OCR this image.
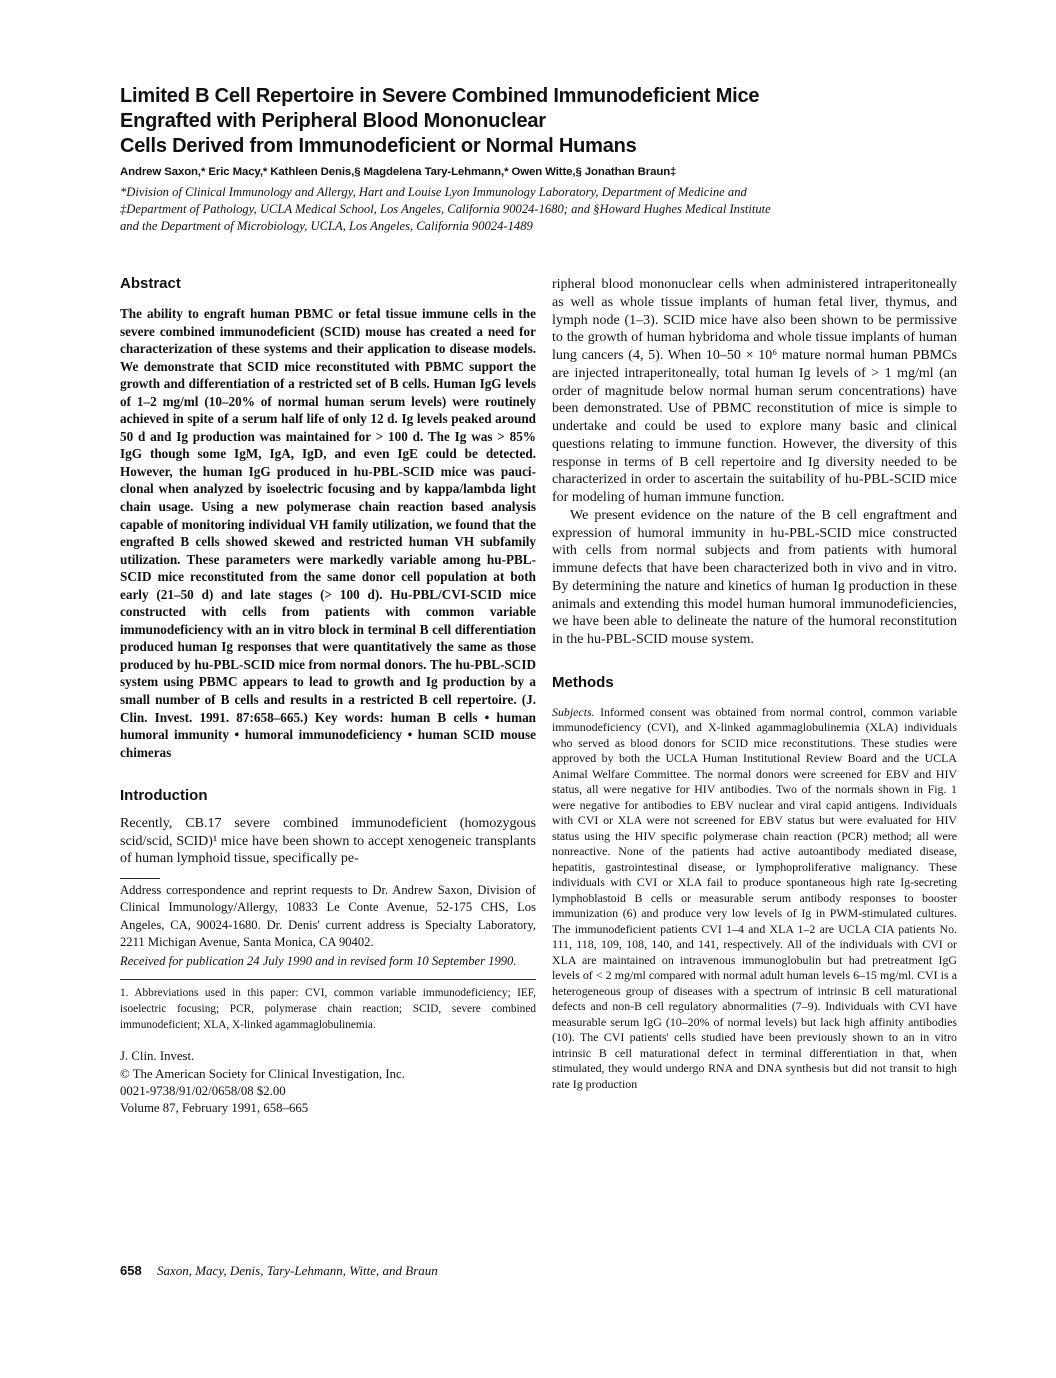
Limited B Cell Repertoire in Severe Combined Immunodeficient Mice
Engrafted with Peripheral Blood Mononuclear
Cells Derived from Immunodeficient or Normal Humans
Andrew Saxon,* Eric Macy,* Kathleen Denis,§ Magdelena Tary-Lehmann,* Owen Witte,§ Jonathan Braun‡
*Division of Clinical Immunology and Allergy, Hart and Louise Lyon Immunology Laboratory, Department of Medicine and
‡Department of Pathology, UCLA Medical School, Los Angeles, California 90024-1680; and §Howard Hughes Medical Institute
and the Department of Microbiology, UCLA, Los Angeles, California 90024-1489
Abstract
The ability to engraft human PBMC or fetal tissue immune cells in the severe combined immunodeficient (SCID) mouse has created a need for characterization of these systems and their application to disease models. We demonstrate that SCID mice reconstituted with PBMC support the growth and differentiation of a restricted set of B cells. Human IgG levels of 1–2 mg/ml (10–20% of normal human serum levels) were routinely achieved in spite of a serum half life of only 12 d. Ig levels peaked around 50 d and Ig production was maintained for > 100 d. The Ig was > 85% IgG though some IgM, IgA, IgD, and even IgE could be detected. However, the human IgG produced in hu-PBL-SCID mice was pauci-clonal when analyzed by isoelectric focusing and by kappa/lambda light chain usage. Using a new polymerase chain reaction based analysis capable of monitoring individual VH family utilization, we found that the engrafted B cells showed skewed and restricted human VH subfamily utilization. These parameters were markedly variable among hu-PBL-SCID mice reconstituted from the same donor cell population at both early (21–50 d) and late stages (> 100 d). Hu-PBL/CVI-SCID mice constructed with cells from patients with common variable immunodeficiency with an in vitro block in terminal B cell differentiation produced human Ig responses that were quantitatively the same as those produced by hu-PBL-SCID mice from normal donors. The hu-PBL-SCID system using PBMC appears to lead to growth and Ig production by a small number of B cells and results in a restricted B cell repertoire. (J. Clin. Invest. 1991. 87:658–665.) Key words: human B cells • human humoral immunity • humoral immunodeficiency • human SCID mouse chimeras
Introduction
Recently, CB.17 severe combined immunodeficient (homozygous scid/scid, SCID)¹ mice have been shown to accept xenogeneic transplants of human lymphoid tissue, specifically pe-
Address correspondence and reprint requests to Dr. Andrew Saxon, Division of Clinical Immunology/Allergy, 10833 Le Conte Avenue, 52-175 CHS, Los Angeles, CA, 90024-1680. Dr. Denis' current address is Specialty Laboratory, 2211 Michigan Avenue, Santa Monica, CA 90402.
Received for publication 24 July 1990 and in revised form 10 September 1990.
1. Abbreviations used in this paper: CVI, common variable immunodeficiency; IEF, isoelectric focusing; PCR, polymerase chain reaction; SCID, severe combined immunodeficient; XLA, X-linked agammaglobulinemia.
J. Clin. Invest.
© The American Society for Clinical Investigation, Inc.
0021-9738/91/02/0658/08 $2.00
Volume 87, February 1991, 658–665

ripheral blood mononuclear cells when administered intraperitoneally as well as whole tissue implants of human fetal liver, thymus, and lymph node (1–3). SCID mice have also been shown to be permissive to the growth of human hybridoma and whole tissue implants of human lung cancers (4, 5). When 10–50 × 10⁶ mature normal human PBMCs are injected intraperitoneally, total human Ig levels of > 1 mg/ml (an order of magnitude below normal human serum concentrations) have been demonstrated. Use of PBMC reconstitution of mice is simple to undertake and could be used to explore many basic and clinical questions relating to immune function. However, the diversity of this response in terms of B cell repertoire and Ig diversity needed to be characterized in order to ascertain the suitability of hu-PBL-SCID mice for modeling of human immune function.

We present evidence on the nature of the B cell engraftment and expression of humoral immunity in hu-PBL-SCID mice constructed with cells from normal subjects and from patients with humoral immune defects that have been characterized both in vivo and in vitro. By determining the nature and kinetics of human Ig production in these animals and extending this model human humoral immunodeficiencies, we have been able to delineate the nature of the humoral reconstitution in the hu-PBL-SCID mouse system.

Methods
Subjects. Informed consent was obtained from normal control, common variable immunodeficiency (CVI), and X-linked agammaglobulinemia (XLA) individuals who served as blood donors for SCID mice reconstitutions. These studies were approved by both the UCLA Human Institutional Review Board and the UCLA Animal Welfare Committee. The normal donors were screened for EBV and HIV status, all were negative for HIV antibodies. Two of the normals shown in Fig. 1 were negative for antibodies to EBV nuclear and viral capid antigens. Individuals with CVI or XLA were not screened for EBV status but were evaluated for HIV status using the HIV specific polymerase chain reaction (PCR) method; all were nonreactive. None of the patients had active autoantibody mediated disease, hepatitis, gastrointestinal disease, or lymphoproliferative malignancy. These individuals with CVI or XLA fail to produce spontaneous high rate Ig-secreting lymphoblastoid B cells or measurable serum antibody responses to booster immunization (6) and produce very low levels of Ig in PWM-stimulated cultures. The immunodeficient patients CVI 1–4 and XLA 1–2 are UCLA CIA patients No. 111, 118, 109, 108, 140, and 141, respectively. All of the individuals with CVI or XLA are maintained on intravenous immunoglobulin but had pretreatment IgG levels of < 2 mg/ml compared with normal adult human levels 6–15 mg/ml. CVI is a heterogeneous group of diseases with a spectrum of intrinsic B cell maturational defects and non-B cell regulatory abnormalities (7–9). Individuals with CVI have measurable serum IgG (10–20% of normal levels) but lack high affinity antibodies (10). The CVI patients' cells studied have been previously shown to an in vitro intrinsic B cell maturational defect in terminal differentiation in that, when stimulated, they would undergo RNA and DNA synthesis but did not transit to high rate Ig production
658 Saxon, Macy, Denis, Tary-Lehmann, Witte, and Braun
